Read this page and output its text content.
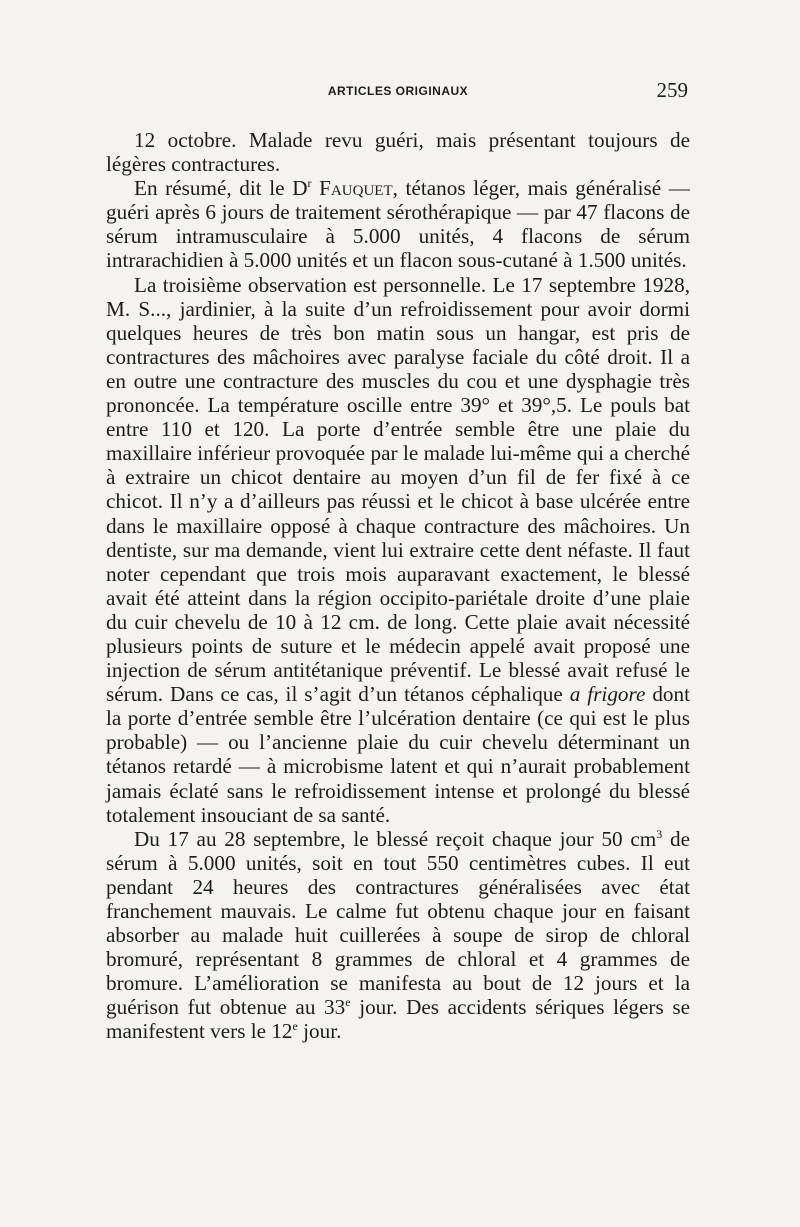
ARTICLES ORIGINAUX	259

12 octobre. Malade revu guéri, mais présentant toujours de légères contractures.

En résumé, dit le $D^r$ Fauquet, tétanos léger, mais généralisé — guéri après 6 jours de traitement sérothérapique — par 47 flacons de sérum intramusculaire à 5.000 unités, 4 flacons de sérum intrarachidien à 5.000 unités et un flacon sous-cutané à 1.500 unités.

La troisième observation est personnelle. Le 17 septembre 1928, M. S..., jardinier, à la suite d’un refroidissement pour avoir dormi quelques heures de très bon matin sous un hangar, est pris de contractures des mâchoires avec paralyse faciale du côté droit. Il a en outre une contracture des muscles du cou et une dysphagie très prononcée. La température oscille entre 39° et 39°,5. Le pouls bat entre 110 et 120. La porte d’entrée semble être une plaie du maxillaire inférieur provoquée par le malade lui-même qui a cherché à extraire un chicot dentaire au moyen d’un fil de fer fixé à ce chicot. Il n’y a d’ailleurs pas réussi et le chicot à base ulcérée entre dans le maxillaire opposé à chaque contracture des mâchoires. Un dentiste, sur ma demande, vient lui extraire cette dent néfaste. Il faut noter cependant que trois mois auparavant exactement, le blessé avait été atteint dans la région occipito-pariétale droite d’une plaie du cuir chevelu de 10 à 12 cm. de long. Cette plaie avait nécessité plusieurs points de suture et le médecin appelé avait proposé une injection de sérum antitétanique préventif. Le blessé avait refusé le sérum. Dans ce cas, il s’agit d’un tétanos céphalique a frigore dont la porte d’entrée semble être l’ulcération dentaire (ce qui est le plus probable) — ou l’ancienne plaie du cuir chevelu déterminant un tétanos retardé — à microbisme latent et qui n’aurait probablement jamais éclaté sans le refroidissement intense et prolongé du blessé totalement insouciant de sa santé.

Du 17 au 28 septembre, le blessé reçoit chaque jour 50 $cm^3$ de sérum à 5.000 unités, soit en tout 550 centimètres cubes. Il eut pendant 24 heures des contractures généralisées avec état franchement mauvais. Le calme fut obtenu chaque jour en faisant absorber au malade huit cuillerées à soupe de sirop de chloral bromuré, représentant 8 grammes de chloral et 4 grammes de bromure. L’amélioration se manifesta au bout de 12 jours et la guérison fut obtenue au 33e jour. Des accidents sériques légers se manifestent vers le 12e jour.
